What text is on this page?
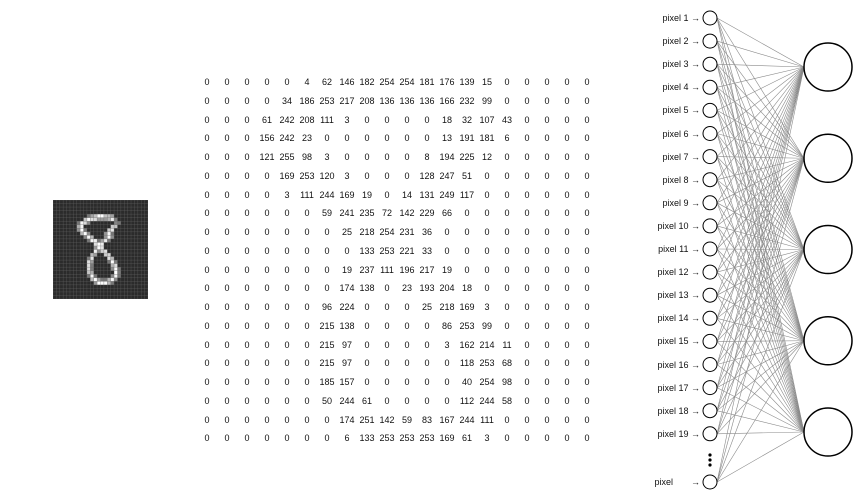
0 0 0 0 0 4 62 146 182 254 254 181 176 139 15 0 0 0 0 0
0 0 0 0 34 186 253 217 208 136 136 136 166 232 99 0 0 0 0 0
0 0 0 61 242 208 111 3 0 0 0 0 18 32 107 43 0 0 0 0
0 0 0 156 242 23 0 0 0 0 0 0 13 191 181 6 0 0 0 0
0 0 0 121 255 98 3 0 0 0 0 8 194 225 12 0 0 0 0 0
0 0 0 0 169 253 120 3 0 0 0 128 247 51 0 0 0 0 0 0
0 0 0 0 3 111 244 169 19 0 14 131 249 117 0 0 0 0 0 0
0 0 0 0 0 0 59 241 235 72 142 229 66 0 0 0 0 0 0 0
0 0 0 0 0 0 0 25 218 254 231 36 0 0 0 0 0 0 0 0
0 0 0 0 0 0 0 0 133 253 221 33 0 0 0 0 0 0 0 0
0 0 0 0 0 0 0 19 237 111 196 217 19 0 0 0 0 0 0 0
0 0 0 0 0 0 0 174 138 0 23 193 204 18 0 0 0 0 0 0
0 0 0 0 0 0 96 224 0 0 0 25 218 169 3 0 0 0 0 0
0 0 0 0 0 0 215 138 0 0 0 0 86 253 99 0 0 0 0 0
0 0 0 0 0 0 215 97 0 0 0 0 3 162 214 11 0 0 0 0
0 0 0 0 0 0 215 97 0 0 0 0 0 118 253 68 0 0 0 0
0 0 0 0 0 0 185 157 0 0 0 0 0 40 254 98 0 0 0 0
0 0 0 0 0 0 50 244 61 0 0 0 0 112 244 58 0 0 0 0
0 0 0 0 0 0 0 174 251 142 59 83 167 244 111 0 0 0 0 0
0 0 0 0 0 0 0 6 133 253 253 253 169 61 3 0 0 0 0 0
pixel 1 →
pixel 2 →
pixel 3 →
pixel 4 →
pixel 5 →
pixel 6 →
pixel 7 →
pixel 8 →
pixel 9 →
pixel 10 →
pixel 11 →
pixel 12 →
pixel 13 →
pixel 14 →
pixel 15 →
pixel 16 →
pixel 17 →
pixel 18 →
pixel 19 →
pixel  →
